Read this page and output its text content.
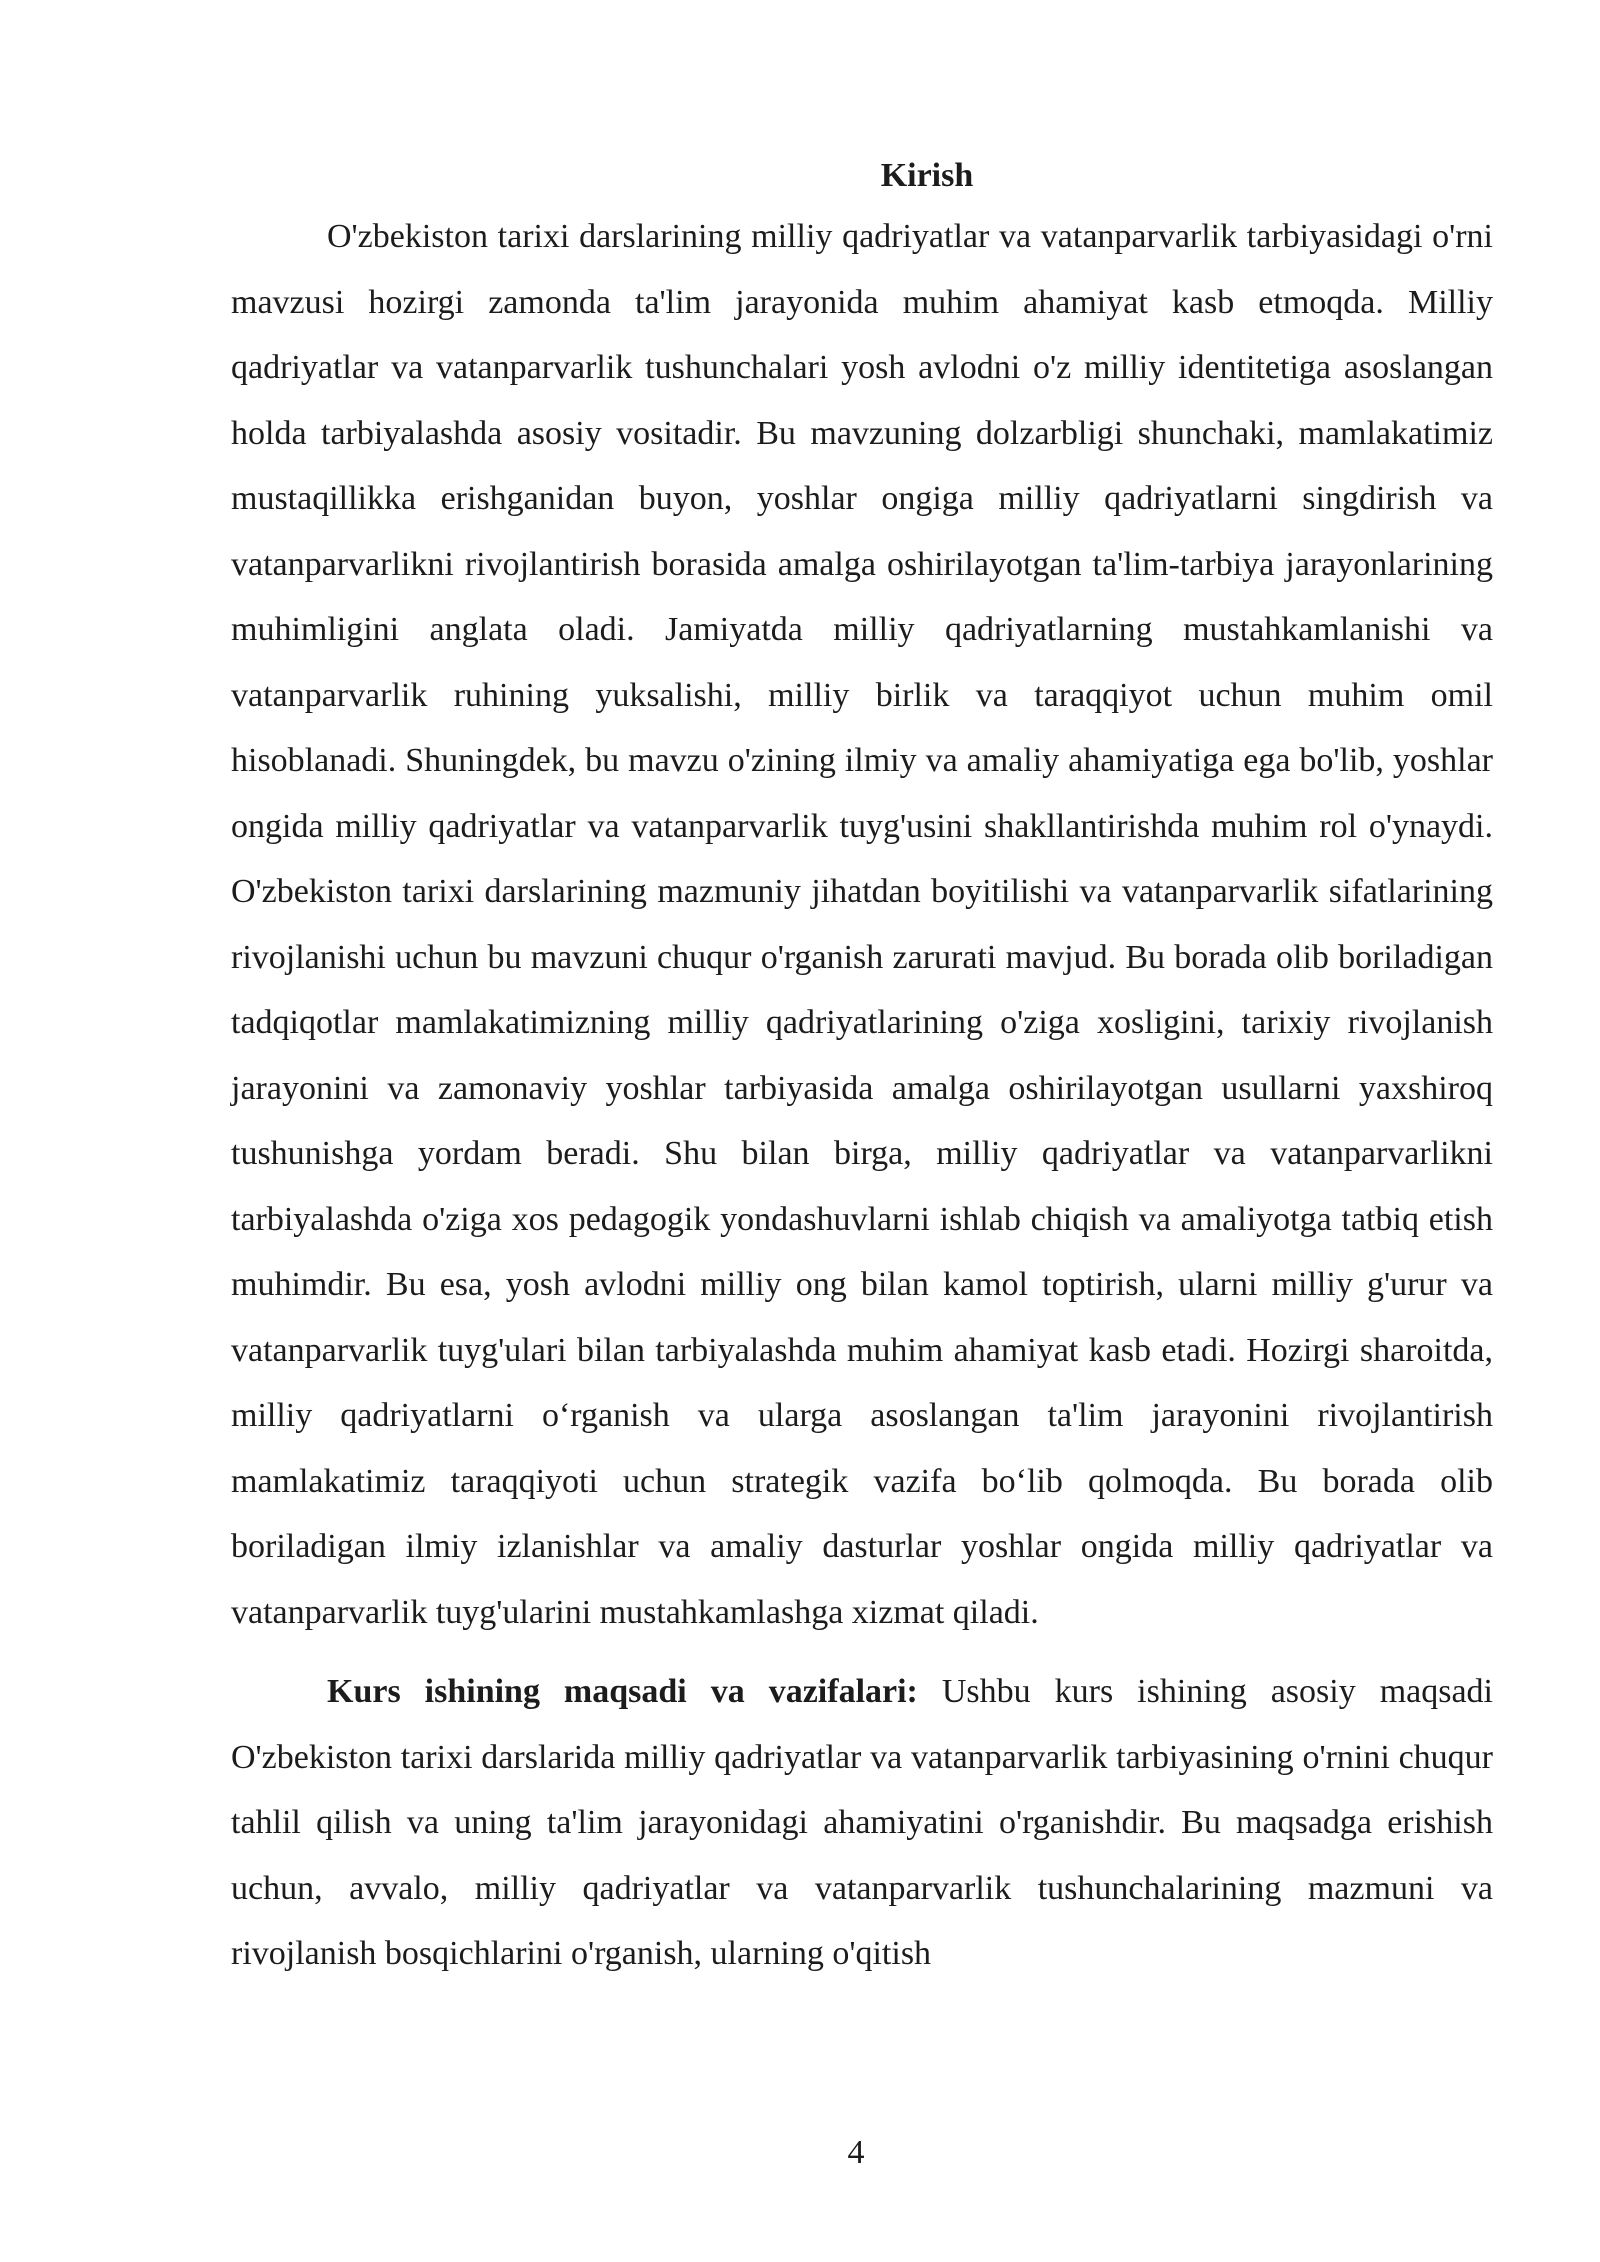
Kirish

O'zbekiston tarixi darslarining milliy qadriyatlar va vatanparvarlik tarbiyasidagi o'rni mavzusi hozirgi zamonda ta'lim jarayonida muhim ahamiyat kasb etmoqda. Milliy qadriyatlar va vatanparvarlik tushunchalari yosh avlodni o'z milliy identitetiga asoslangan holda tarbiyalashda asosiy vositadir. Bu mavzuning dolzarbligi shunchaki, mamlakatimiz mustaqillikka erishganidan buyon, yoshlar ongiga milliy qadriyatlarni singdirish va vatanparvarlikni rivojlantirish borasida amalga oshirilayotgan ta'lim-tarbiya jarayonlarining muhimligini anglata oladi. Jamiyatda milliy qadriyatlarning mustahkamlanishi va vatanparvarlik ruhining yuksalishi, milliy birlik va taraqqiyot uchun muhim omil hisoblanadi. Shuningdek, bu mavzu o'zining ilmiy va amaliy ahamiyatiga ega bo'lib, yoshlar ongida milliy qadriyatlar va vatanparvarlik tuyg'usini shakllantirishda muhim rol o'ynaydi. O'zbekiston tarixi darslarining mazmuniy jihatdan boyitilishi va vatanparvarlik sifatlarining rivojlanishi uchun bu mavzuni chuqur o'rganish zarurati mavjud. Bu borada olib boriladigan tadqiqotlar mamlakatimizning milliy qadriyatlarining o'ziga xosligini, tarixiy rivojlanish jarayonini va zamonaviy yoshlar tarbiyasida amalga oshirilayotgan usullarni yaxshiroq tushunishga yordam beradi. Shu bilan birga, milliy qadriyatlar va vatanparvarlikni tarbiyalashda o'ziga xos pedagogik yondashuvlarni ishlab chiqish va amaliyotga tatbiq etish muhimdir. Bu esa, yosh avlodni milliy ong bilan kamol toptirish, ularni milliy g'urur va vatanparvarlik tuyg'ulari bilan tarbiyalashda muhim ahamiyat kasb etadi. Hozirgi sharoitda, milliy qadriyatlarni o‘rganish va ularga asoslangan ta'lim jarayonini rivojlantirish mamlakatimiz taraqqiyoti uchun strategik vazifa bo‘lib qolmoqda. Bu borada olib boriladigan ilmiy izlanishlar va amaliy dasturlar yoshlar ongida milliy qadriyatlar va vatanparvarlik tuyg'ularini mustahkamlashga xizmat qiladi.

Kurs ishining maqsadi va vazifalari: Ushbu kurs ishining asosiy maqsadi O'zbekiston tarixi darslarida milliy qadriyatlar va vatanparvarlik tarbiyasining o'rnini chuqur tahlil qilish va uning ta'lim jarayonidagi ahamiyatini o'rganishdir. Bu maqsadga erishish uchun, avvalo, milliy qadriyatlar va vatanparvarlik tushunchalarining mazmuni va rivojlanish bosqichlarini o'rganish, ularning o'qitish

4
